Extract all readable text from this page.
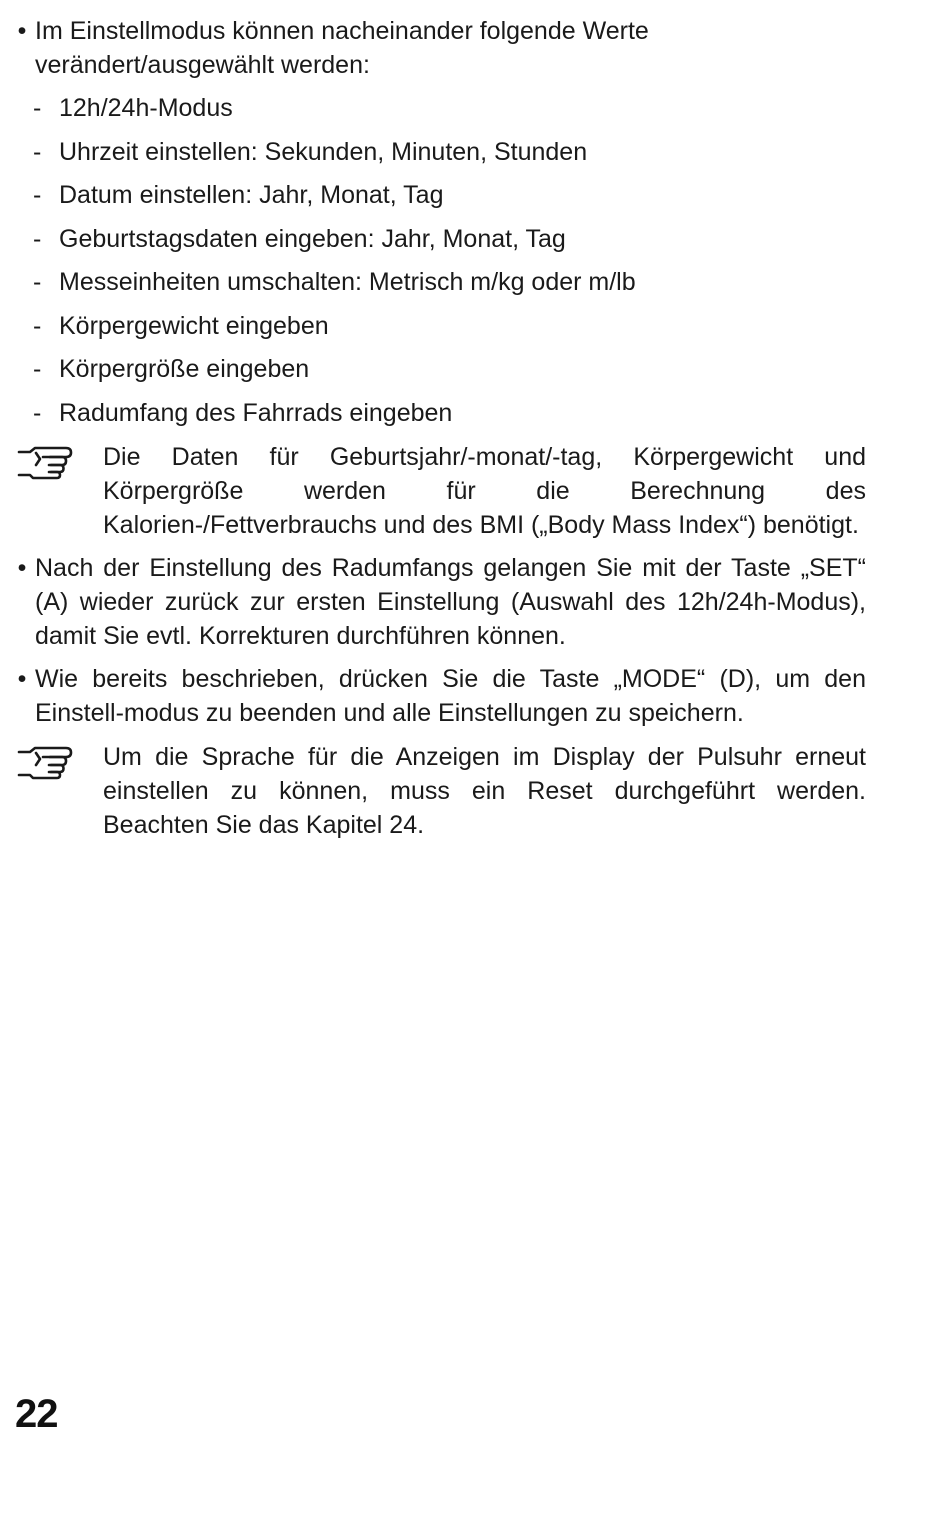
• Im Einstellmodus können nacheinander folgende Werte verändert/ausgewählt werden:
- 12h/24h-Modus
- Uhrzeit einstellen: Sekunden, Minuten, Stunden
- Datum einstellen: Jahr, Monat, Tag
- Geburtstagsdaten eingeben: Jahr, Monat, Tag
- Messeinheiten umschalten: Metrisch m/kg oder m/lb
- Körpergewicht eingeben
- Körpergröße eingeben
- Radumfang des Fahrrads eingeben
Die Daten für Geburtsjahr/-monat/-tag, Körpergewicht und Körpergröße werden für die Berechnung des Kalorien-/Fettverbrauchs und des BMI („Body Mass Index“) benötigt.
• Nach der Einstellung des Radumfangs gelangen Sie mit der Taste „SET“ (A) wieder zurück zur ersten Einstellung (Auswahl des 12h/24h-Modus), damit Sie evtl. Korrekturen durchführen können.
• Wie bereits beschrieben, drücken Sie die Taste „MODE“ (D), um den Einstell-modus zu beenden und alle Einstellungen zu speichern.
Um die Sprache für die Anzeigen im Display der Pulsuhr erneut einstellen zu können, muss ein Reset durchgeführt werden. Beachten Sie das Kapitel 24.
22
